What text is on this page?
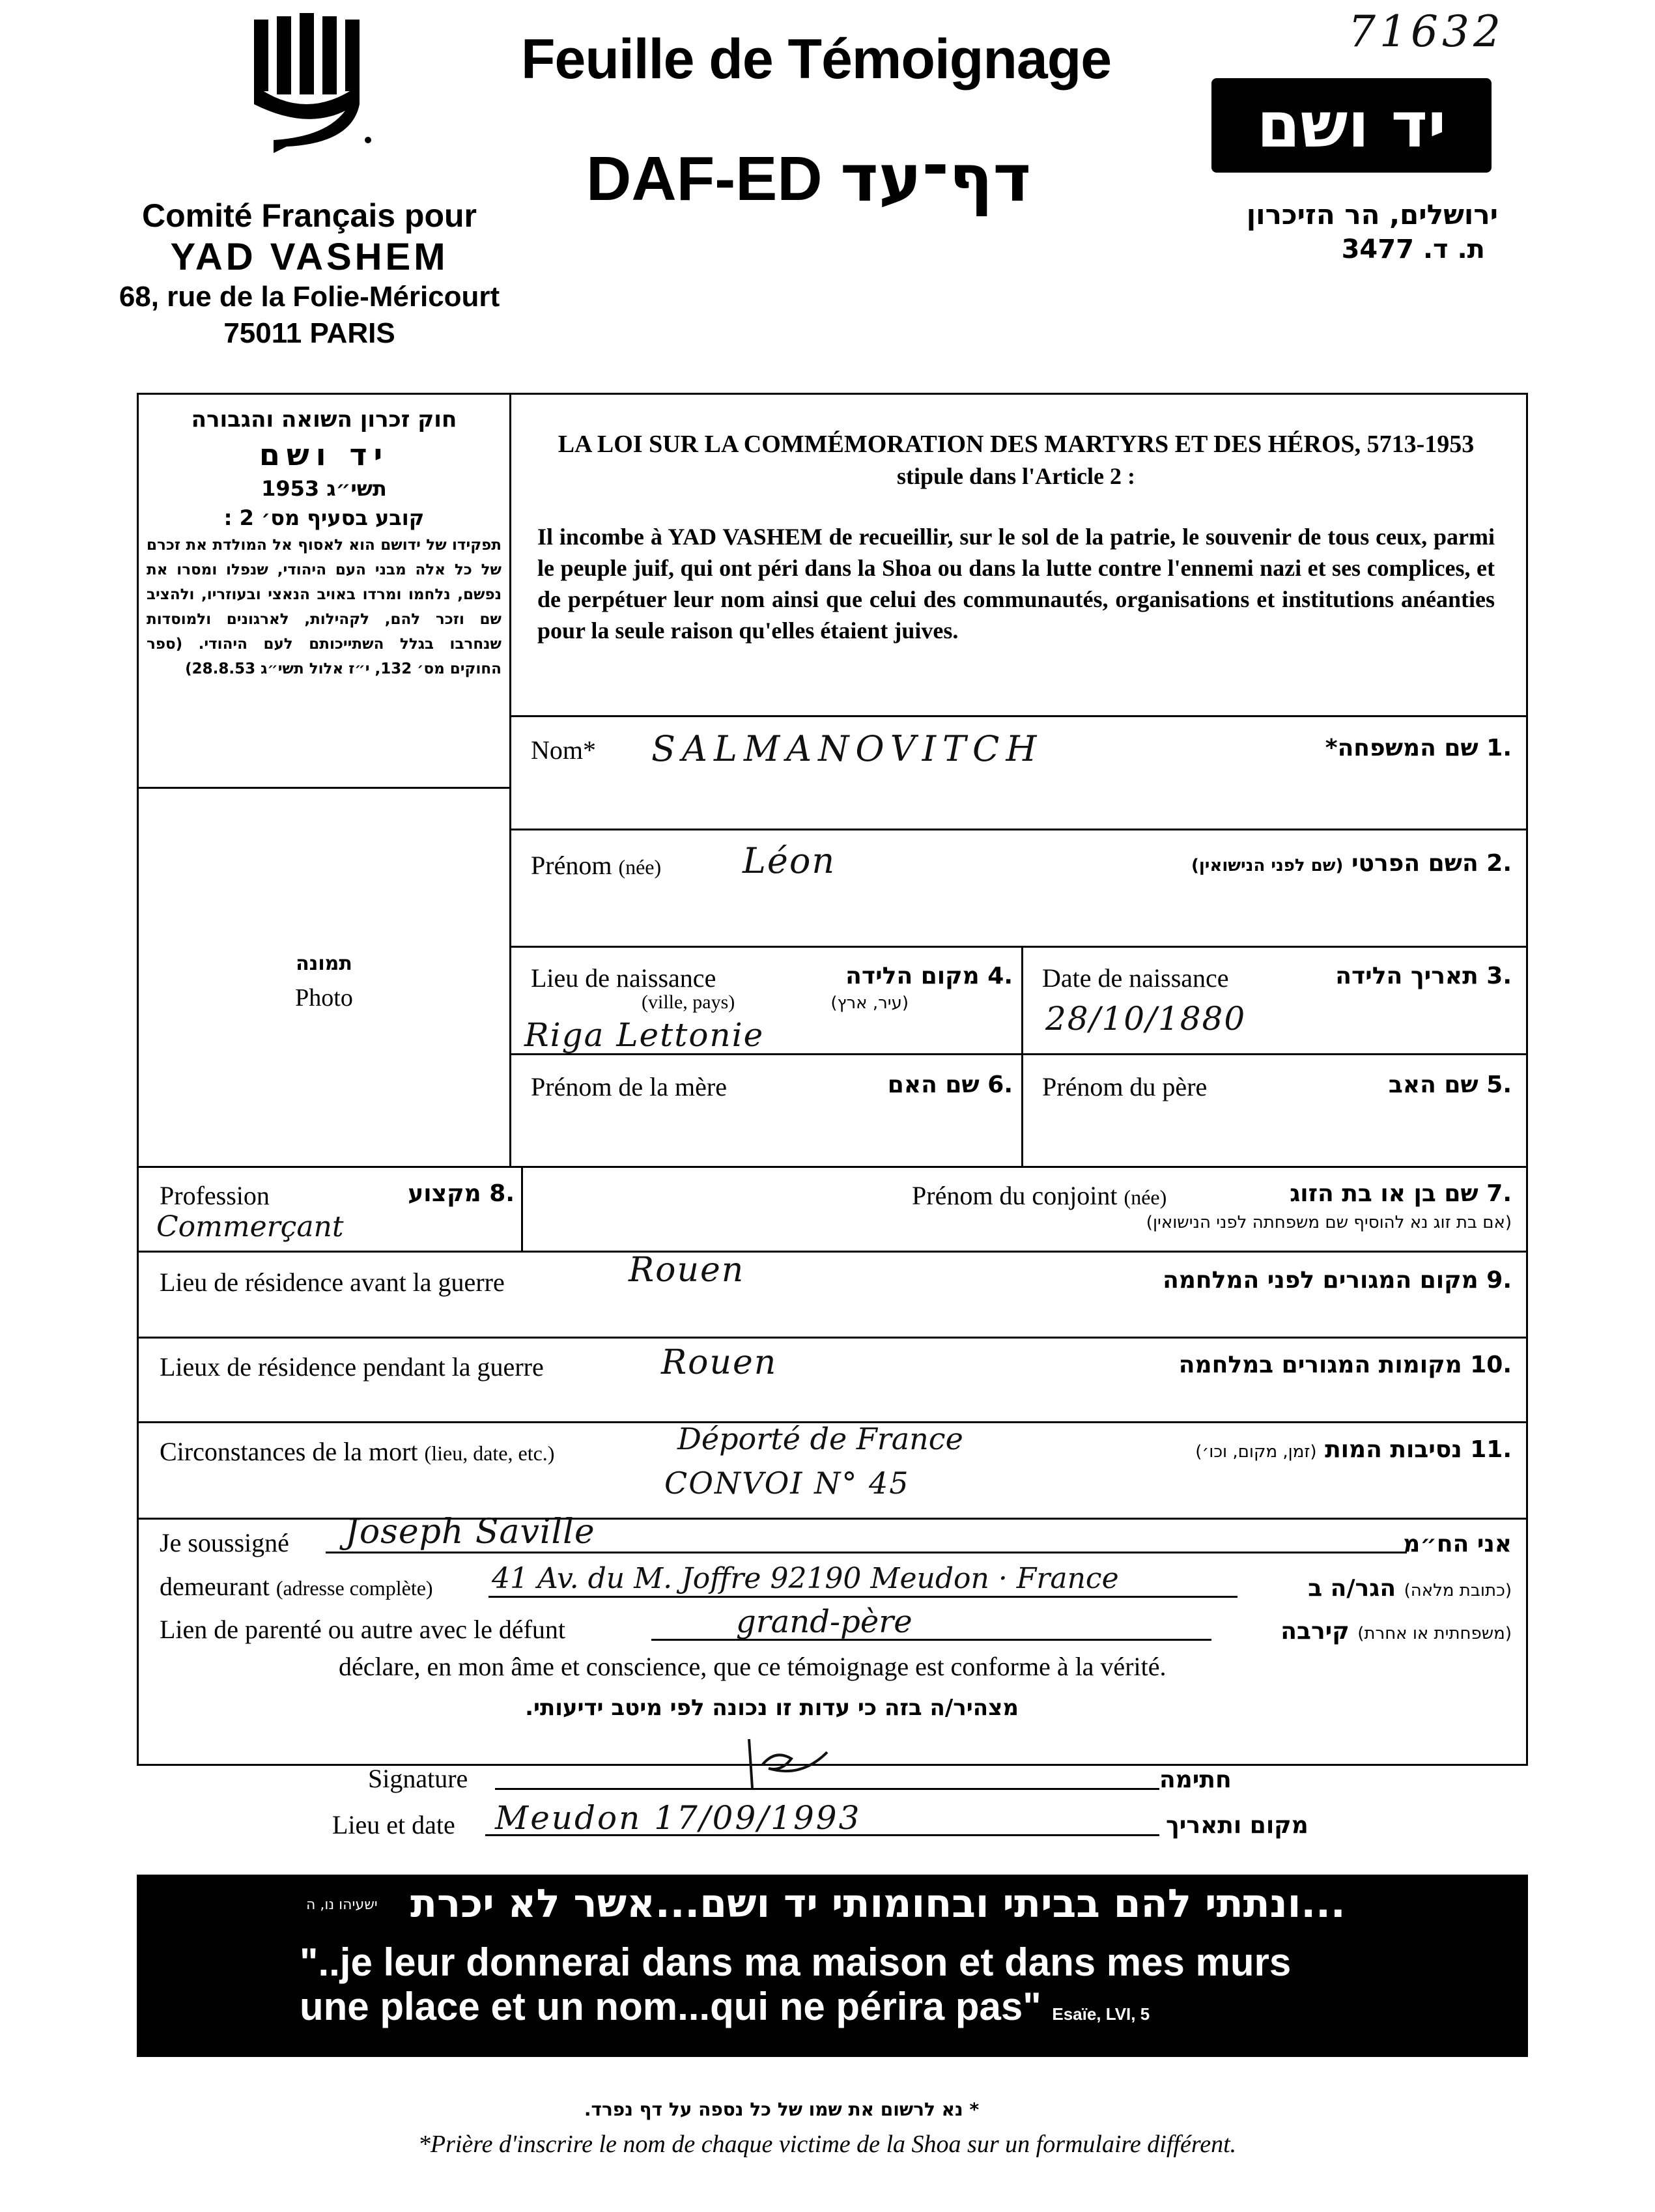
71632
Comité Français pour
YAD VASHEM
68, rue de la Folie-Méricourt
75011 PARIS
Feuille de Témoignage
DAF-ED דף־עד
יד ושם
ירושלים, הר הזיכרון
ת. ד. 3477
חוק זכרון השואה והגבורה
יד ושם
תשי״ג 1953
קובע בסעיף מס׳ 2 :
תפקידו של ידושם הוא לאסוף אל המולדת את זכרם של כל אלה מבני העם היהודי, שנפלו ומסרו את נפשם, נלחמו ומרדו באויב הנאצי ובעוזריו, ולהציב שם וזכר להם, לקהילות, לארגונים ולמוסדות שנחרבו בגלל השתייכותם לעם היהודי. (ספר החוקים מס׳ 132, י״ז אלול תשי״ג 28.8.53)
LA LOI SUR LA COMMÉMORATION DES MARTYRS ET DES HÉROS, 5713-1953
stipule dans l'Article 2 :
Il incombe à YAD VASHEM de recueillir, sur le sol de la patrie, le souvenir de tous ceux, parmi le peuple juif, qui ont péri dans la Shoa ou dans la lutte contre l'ennemi nazi et ses complices, et de perpétuer leur nom ainsi que celui des communautés, organisations et institutions anéanties pour la seule raison qu'elles étaient juives.
תמונה
Photo
Nom* SALMANOVITCH	.1 שם המשפחה*
Prénom (née) Léon	.2 השם הפרטי (שם לפני הנישואין)
Lieu de naissance
(ville, pays)
.4 מקום הלידה
(עיר, ארץ)
Riga Lettonie
Date de naissance	.3 תאריך הלידה
28/10/1880
Prénom de la mère	.6 שם האם	Prénom du père	.5 שם האב
Profession	.8 מקצוע
Commerçant
Prénom du conjoint (née)	.7 שם בן או בת הזוג
(אם בת זוג נא להוסיף שם משפחתה לפני הנישואין)
Lieu de résidence avant la guerre	Rouen	.9 מקום המגורים לפני המלחמה
Lieux de résidence pendant la guerre	Rouen	.10 מקומות המגורים במלחמה
Circonstances de la mort (lieu, date, etc.)	Déporté de France
CONVOI N° 45
.11 נסיבות המות (זמן, מקום, וכו׳)
Je soussigné Joseph Saville	אני הח״מ
demeurant (adresse complète) 41 Av. du M. Joffre 92190 Meudon · France	(כתובת מלאה) הגר/ה ב
Lien de parenté ou autre avec le défunt	grand-père	(משפחתית או אחרת) קירבה
déclare, en mon âme et conscience, que ce témoignage est conforme à la vérité.
מצהיר/ה בזה כי עדות זו נכונה לפי מיטב ידיעותי.
Signature	חתימה
Lieu et date Meudon 17/09/1993	מקום ותאריך
ישעיהו נו, ה ...ונתתי להם בביתי ובחומותי יד ושם...אשר לא יכרת
"..je leur donnerai dans ma maison et dans mes murs
une place et un nom...qui ne périra pas" Esaïe, LVI, 5
* נא לרשום את שמו של כל נספה על דף נפרד.
*Prière d'inscrire le nom de chaque victime de la Shoa sur un formulaire différent.
